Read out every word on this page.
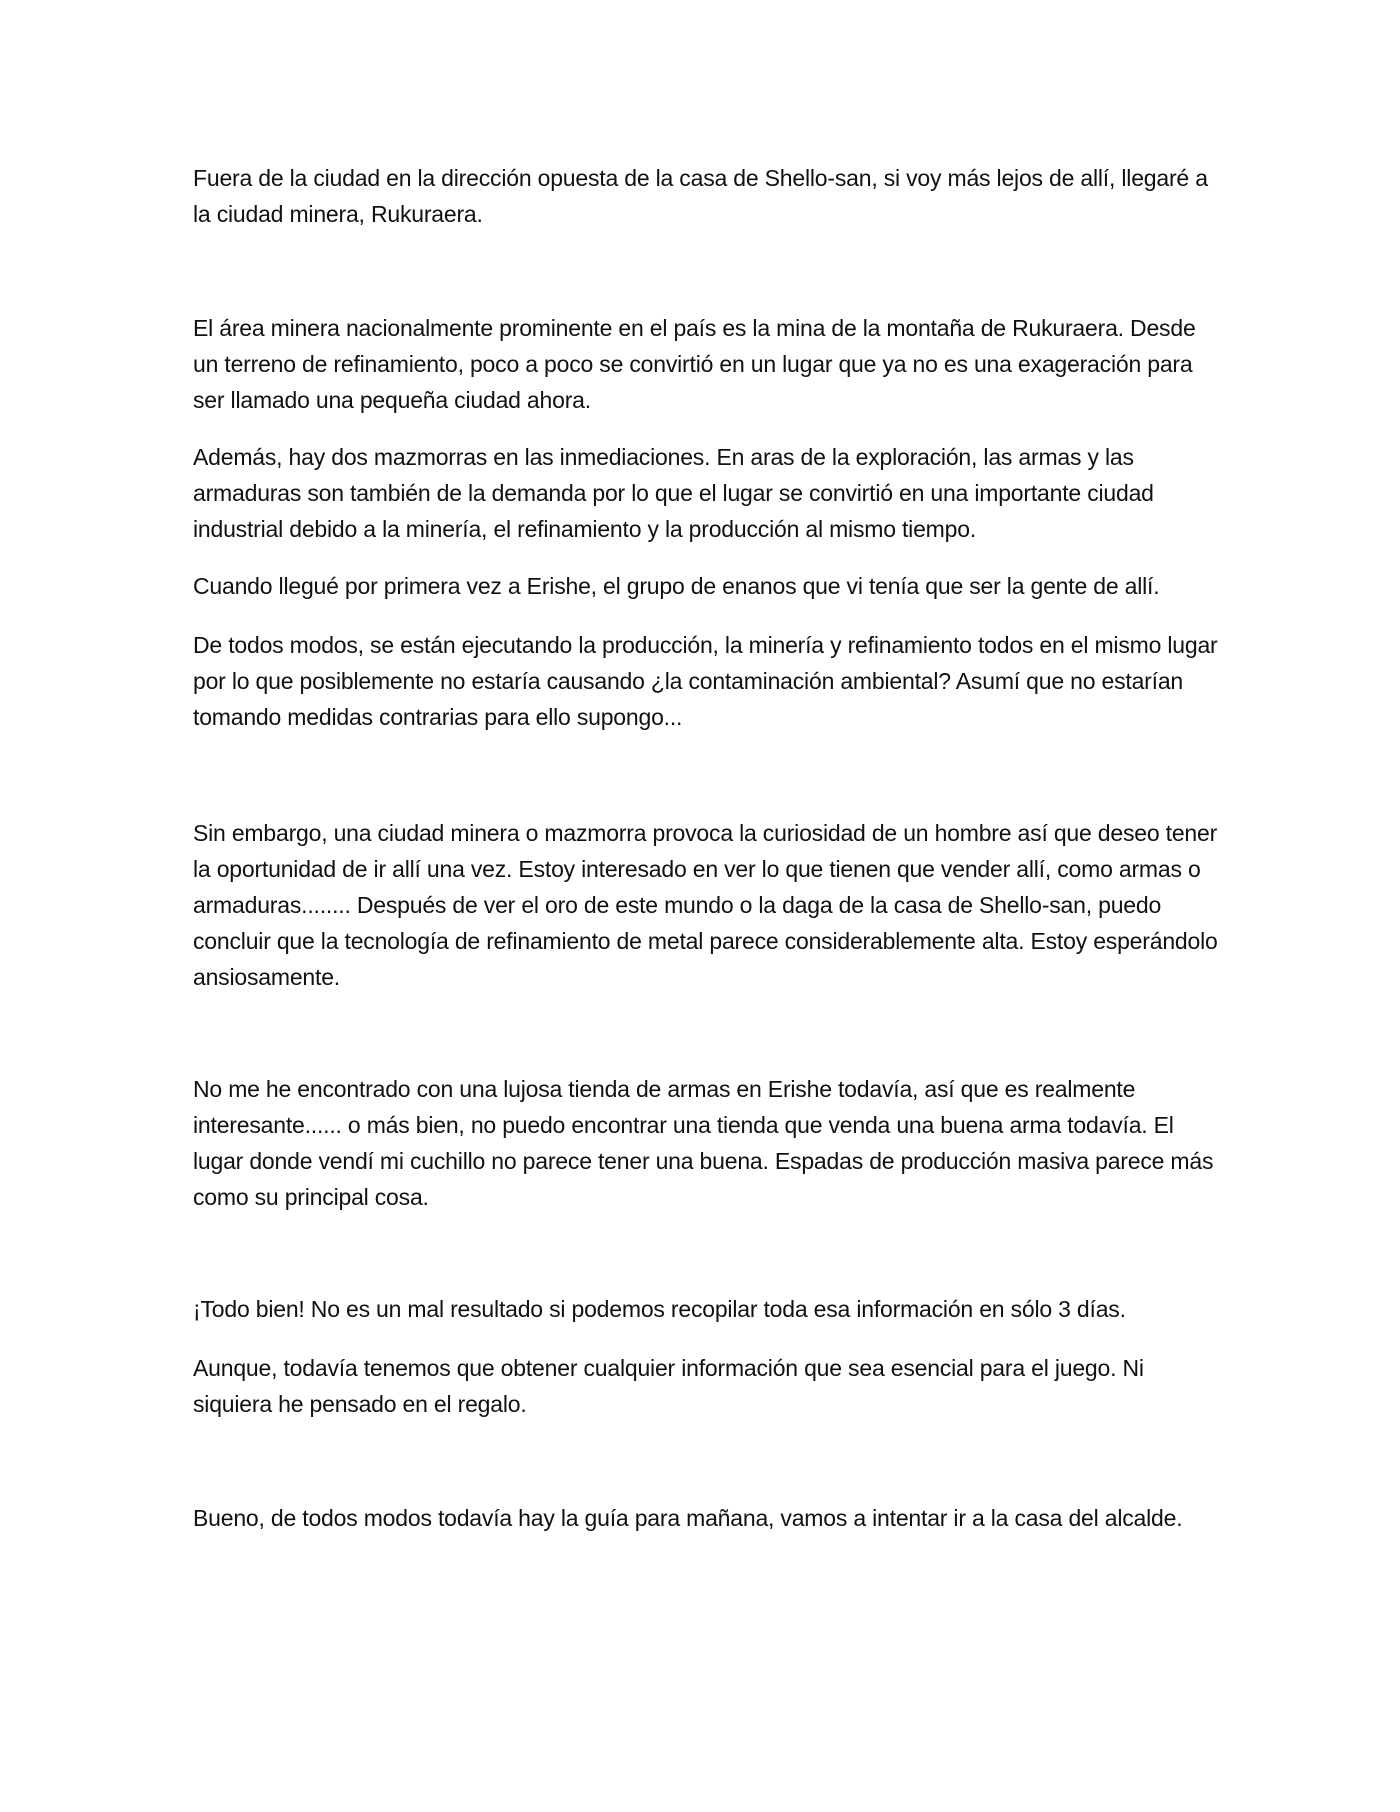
Fuera de la ciudad en la dirección opuesta de la casa de Shello-san, si voy más lejos de allí, llegaré a la ciudad minera, Rukuraera.

El área minera nacionalmente prominente en el país es la mina de la montaña de Rukuraera. Desde un terreno de refinamiento, poco a poco se convirtió en un lugar que ya no es una exageración para ser llamado una pequeña ciudad ahora.

Además, hay dos mazmorras en las inmediaciones. En aras de la exploración, las armas y las armaduras son también de la demanda por lo que el lugar se convirtió en una importante ciudad industrial debido a la minería, el refinamiento y la producción al mismo tiempo.

Cuando llegué por primera vez a Erishe, el grupo de enanos que vi tenía que ser la gente de allí.

De todos modos, se están ejecutando la producción, la minería y refinamiento todos en el mismo lugar por lo que posiblemente no estaría causando ¿la contaminación ambiental? Asumí que no estarían tomando medidas contrarias para ello supongo...

Sin embargo, una ciudad minera o mazmorra provoca la curiosidad de un hombre así que deseo tener la oportunidad de ir allí una vez. Estoy interesado en ver lo que tienen que vender allí, como armas o armaduras........ Después de ver el oro de este mundo o la daga de la casa de Shello-san, puedo concluir que la tecnología de refinamiento de metal parece considerablemente alta. Estoy esperándolo ansiosamente.

No me he encontrado con una lujosa tienda de armas en Erishe todavía, así que es realmente interesante...... o más bien, no puedo encontrar una tienda que venda una buena arma todavía. El lugar donde vendí mi cuchillo no parece tener una buena. Espadas de producción masiva parece más como su principal cosa.

¡Todo bien! No es un mal resultado si podemos recopilar toda esa información en sólo 3 días.

Aunque, todavía tenemos que obtener cualquier información que sea esencial para el juego. Ni siquiera he pensado en el regalo.

Bueno, de todos modos todavía hay la guía para mañana, vamos a intentar ir a la casa del alcalde.
